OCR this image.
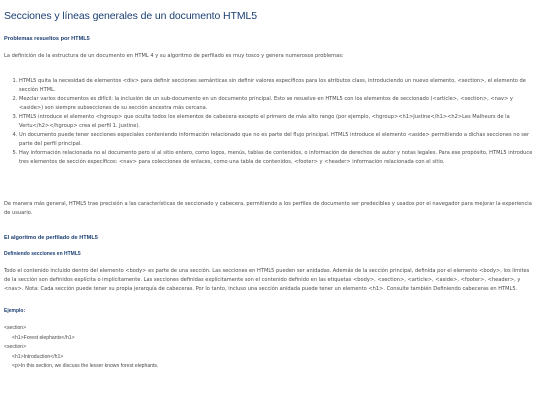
Secciones y líneas generales de un documento HTML5
Problemas resueltos por HTML5

La definición de la estructura de un documento en HTML 4 y su algoritmo de perfilado es muy tosco y genera numerosos problemas:

1. HTML5 quita la necesidad de elementos <div> para definir secciones semánticas sin definir valores específicos para los atributos class, introduciendo un nuevo elemento, <section>, el elemento de sección HTML.
2. Mezclar varios documentos es difícil: la inclusión de un sub-documento en un documento principal. Esto se resuelve en HTML5 con los elementos de seccionado (<article>, <section>, <nav> y <aside>) son siempre subsecciones de su sección ancestra más cercana.
3. HTML5 introduce el elemento <hgroup> que oculta todos los elementos de cabecera excepto el primero de más alto rango (por ejemplo, <hgroup><h1>Justine</h1><h2>Les Malheurs de la Vertu</h2></hgroup> crea el perfil 1. Justine).
4. Un documento puede tener secciones especiales conteniendo información relacionado que no es parte del flujo principal. HTML5 introduce el elemento <aside> permitiendo a dichas secciones no ser parte del perfil principal.
5. Hay información relacionada no al documento pero sí al sitio entero, como logos, menús, tablas de contenidos, o información de derechos de autor y notas legales. Para ese propósito, HTML5 introduce tres elementos de sección específicos: <nav> para colecciones de enlaces, como una tabla de contenidos, <footer> y <header> información relacionada con el sitio.

De manera más general, HTML5 trae precisión a las características de seccionado y cabecera, permitiendo a los perfiles de documento ser predecibles y usados por el navegador para mejorar la experiencia de usuario.

El algoritmo de perfilado de HTML5
Definiendo secciones en HTML5

Todo el contenido incluido dentro del elemento <body> es parte de una sección. Las secciones en HTML5 pueden ser anidadas. Además de la sección principal, definida por el elemento <body>, los límites de la sección son definidos explícita o implícitamente. Las secciones definidas explícitamente son el contenido definido en las etiquetas <body>, <section>, <article>, <aside>, <footer>, <header>, y <nav>. Nota: Cada sección puede tener su propia jerarquía de cabeceras. Por lo tanto, incluso una sección anidada puede tener un elemento <h1>. Consulte también Definiendo cabeceras en HTML5.

Ejemplo:
<section>
<h1>Forest elephants</h1>
<section>
<h1>Introduction</h1>
<p>In this section, we discuss the lesser known forest elephants.
